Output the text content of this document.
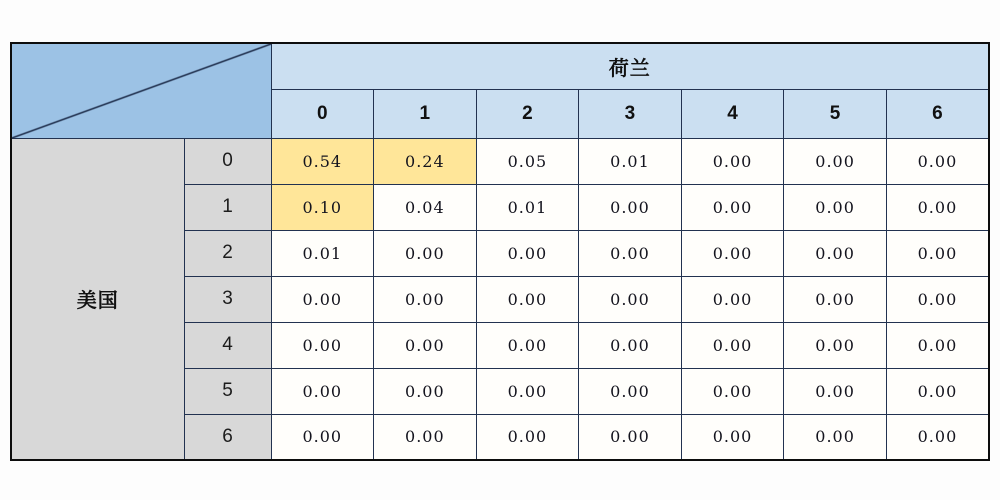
		荷兰						
		0	1	2	3	4	5	6
美国	0	0.54	0.24	0.05	0.01	0.00	0.00	0.00
	1	0.10	0.04	0.01	0.00	0.00	0.00	0.00
	2	0.01	0.00	0.00	0.00	0.00	0.00	0.00
	3	0.00	0.00	0.00	0.00	0.00	0.00	0.00
	4	0.00	0.00	0.00	0.00	0.00	0.00	0.00
	5	0.00	0.00	0.00	0.00	0.00	0.00	0.00
	6	0.00	0.00	0.00	0.00	0.00	0.00	0.00
